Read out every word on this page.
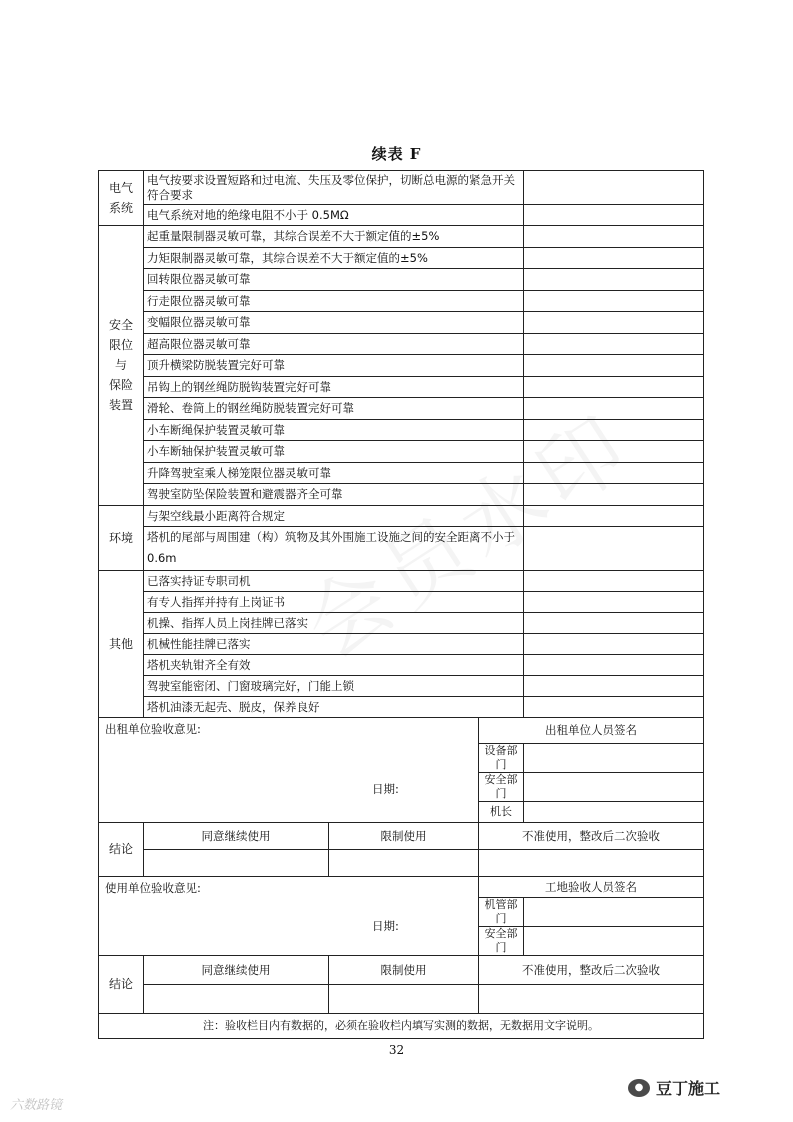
续表 F
电气
系统	电气按要求设置短路和过电流、失压及零位保护，切断总电源的紧急开关符合要求			
	电气系统对地的绝缘电阻不小于 0.5MΩ			

安全
限位
与
保险
装置	起重量限制器灵敏可靠，其综合误差不大于额定值的±5%			
	力矩限制器灵敏可靠，其综合误差不大于额定值的±5%			
	回转限位器灵敏可靠			
	行走限位器灵敏可靠			
	变幅限位器灵敏可靠			
	超高限位器灵敏可靠			
	顶升横梁防脱装置完好可靠			
	吊钩上的钢丝绳防脱钩装置完好可靠			
	滑轮、卷筒上的钢丝绳防脱装置完好可靠			
	小车断绳保护装置灵敏可靠			
	小车断轴保护装置灵敏可靠			
	升降驾驶室乘人梯笼限位器灵敏可靠			
	驾驶室防坠保险装置和避震器齐全可靠			
环境	与架空线最小距离符合规定			
	塔机的尾部与周围建（构）筑物及其外围施工设施之间的安全距离不小于 0.6m			
其他	已落实持证专职司机			
	有专人指挥并持有上岗证书			
	机操、指挥人员上岗挂牌已落实			
	机械性能挂牌已落实			
	塔机夹轨钳齐全有效			
	驾驶室能密闭、门窗玻璃完好，门能上锁			
	塔机油漆无起壳、脱皮，保养良好			

出租单位验收意见:
日期:			出租单位人员签名	
			设备部门	
			安全部门	
			机长	
结论	同意继续使用	限制使用	不准使用，整改后二次验收	

使用单位验收意见:
日期:			工地验收人员签名	
			机管部门	
			安全部门	
结论	同意继续使用	限制使用	不准使用，整改后二次验收	

注：验收栏目内有数据的，必须在验收栏内填写实测的数据，无数据用文字说明。				
32
● 豆丁施工
六数路镜
